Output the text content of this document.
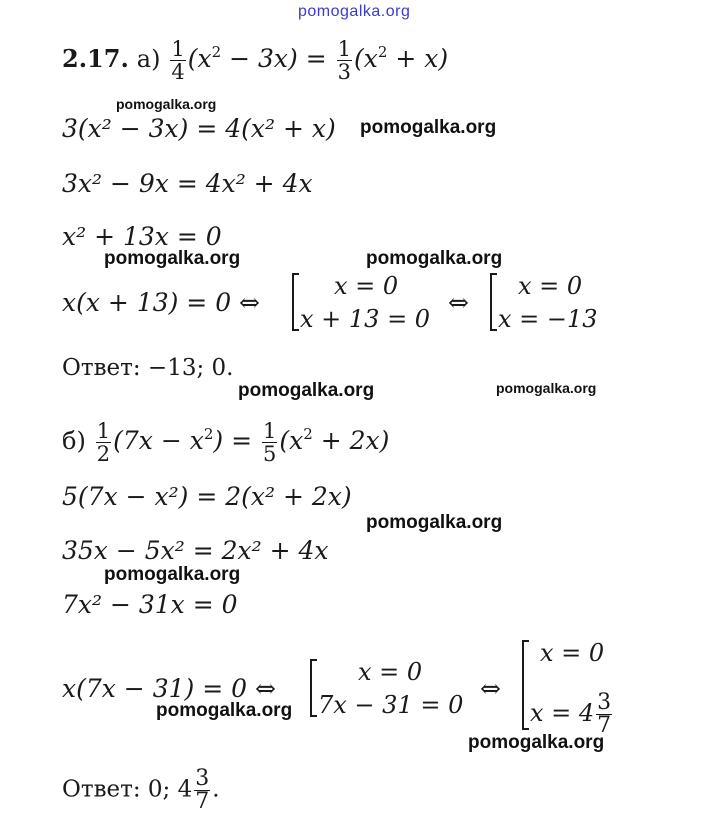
pomogalka.org
2.17. $а) \frac{1}{4} (x^2 - 3x) = \frac{1}{3} (x^2 + x)$
pomogalka.org
3(x² − 3x) = 4(x² + x) pomogalka.org
3x² − 9x = 4x² + 4x
x² + 13x = 0
pomogalka.org	pomogalka.org
x(x + 13) = 0 ⇔
x = 0
x + 13 = 0
⇔
x = 0
x = −13
Ответ: −13; 0.
pomogalka.org	pomogalka.org
$б) \frac{1}{2} (7x - x^2) = \frac{1}{5} (x^2 + 2x)$
5(7x − x²) = 2(x² + 2x)
pomogalka.org
35x − 5x² = 2x² + 4x
pomogalka.org
7x² − 31x = 0
x(7x − 31) = 0 ⇔
x = 0
7x − 31 = 0
⇔
x = 0
$x = 4 \frac{3}{7}$
pomogalka.org
pomogalka.org
Ответ: 0; $4 \frac{3}{7}$ .
